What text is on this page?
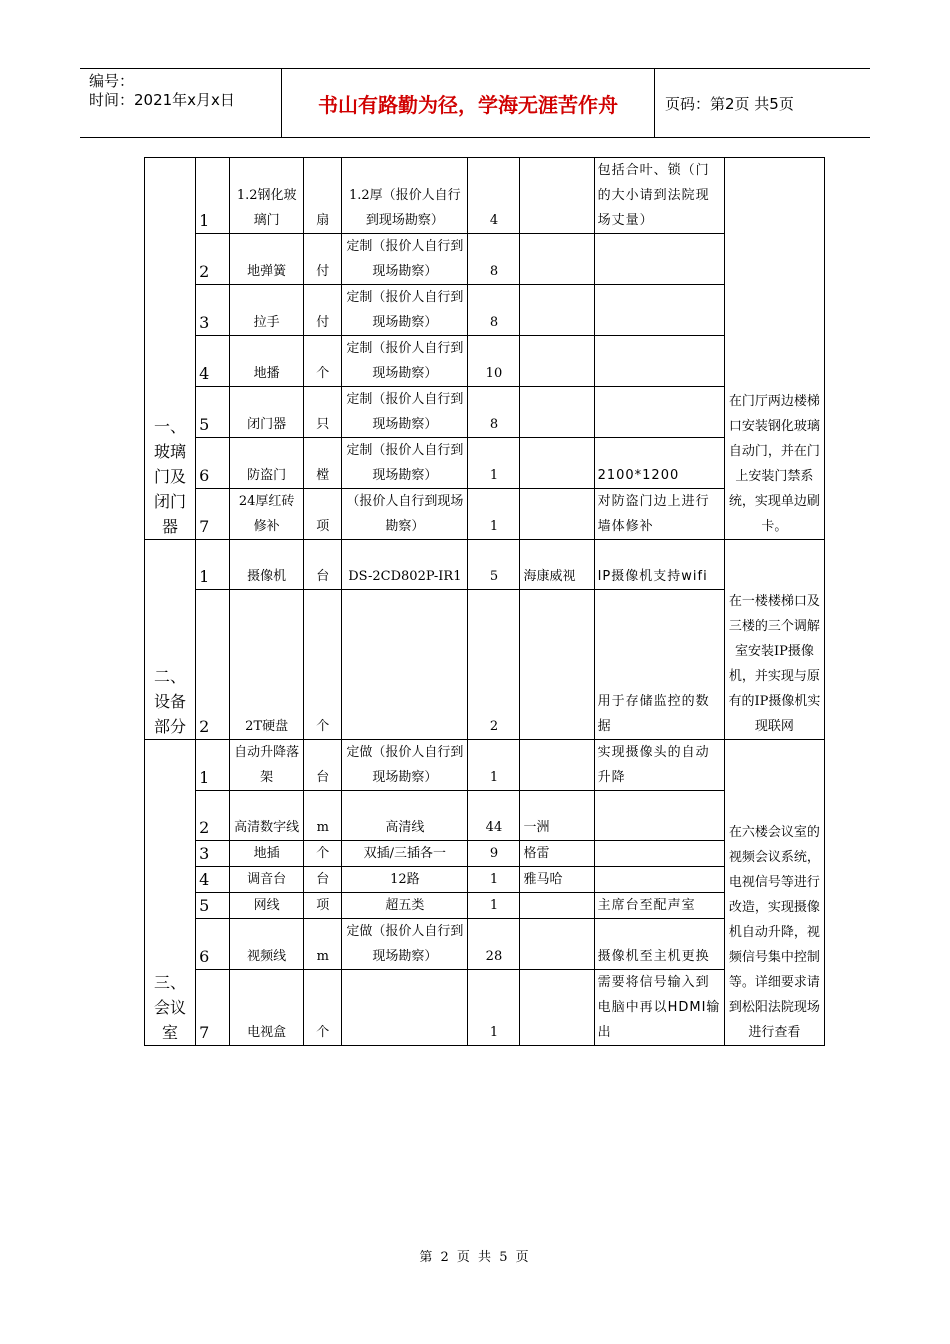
编号：
时间：2021年x月x日	书山有路勤为径，学海无涯苦作舟	页码：第2页 共5页
一、玻璃门及闭门器	1	1.2钢化玻璃门	扇	1.2厚（报价人自行到现场勘察）	4		包括合叶、锁（门的大小请到法院现场丈量）	在门厅两边楼梯口安装钢化玻璃自动门，并在门上安装门禁系统，实现单边刷卡。
	2	地弹簧	付	定制（报价人自行到现场勘察）	8			
	3	拉手	付	定制（报价人自行到现场勘察）	8			
	4	地播	个	定制（报价人自行到现场勘察）	10			
	5	闭门器	只	定制（报价人自行到现场勘察）	8			
	6	防盗门	樘	定制（报价人自行到现场勘察）	1		2100*1200	
	7	24厚红砖修补	项	（报价人自行到现场勘察）	1		对防盗门边上进行墙体修补	
二、设备部分	1	摄像机	台	DS-2CD802P-IR1	5	海康威视	IP摄像机支持wifi	在一楼楼梯口及三楼的三个调解室安装IP摄像机，并实现与原有的IP摄像机实现联网
	2	2T硬盘	个		2		用于存储监控的数据	
三、会议室	1	自动升降落架	台	定做（报价人自行到现场勘察）	1		实现摄像头的自动升降	在六楼会议室的视频会议系统，电视信号等进行改造，实现摄像机自动升降，视频信号集中控制等。详细要求请到松阳法院现场进行查看
	2	高清数字线	m	高清线	44	一洲		
	3	地插	个	双插/三插各一	9	格雷		
	4	调音台	台	12路	1	雅马哈		
	5	网线	项	超五类	1		主席台至配声室	
	6	视频线	m	定做（报价人自行到现场勘察）	28		摄像机至主机更换	
	7	电视盒	个		1		需要将信号输入到电脑中再以HDMI输出	
第 2 页 共 5 页
